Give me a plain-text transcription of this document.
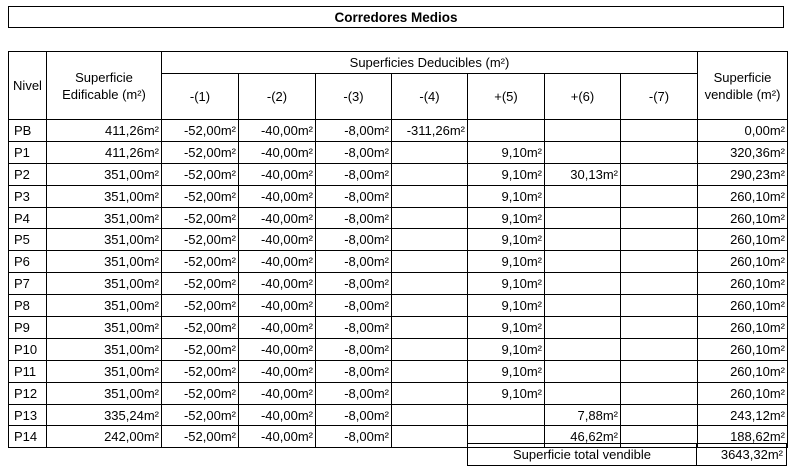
Corredores Medios
Nivel	Superficie Edificable (m²)	Superficies Deducibles (m²)							Superficie vendible (m²)
		-(1)	-(2)	-(3)	-(4)	+(5)	+(6)	-(7)	
PB	411,26m²	-52,00m²	-40,00m²	-8,00m²	-311,26m²				0,00m²
P1	411,26m²	-52,00m²	-40,00m²	-8,00m²		9,10m²			320,36m²
P2	351,00m²	-52,00m²	-40,00m²	-8,00m²		9,10m²	30,13m²		290,23m²
P3	351,00m²	-52,00m²	-40,00m²	-8,00m²		9,10m²			260,10m²
P4	351,00m²	-52,00m²	-40,00m²	-8,00m²		9,10m²			260,10m²
P5	351,00m²	-52,00m²	-40,00m²	-8,00m²		9,10m²			260,10m²
P6	351,00m²	-52,00m²	-40,00m²	-8,00m²		9,10m²			260,10m²
P7	351,00m²	-52,00m²	-40,00m²	-8,00m²		9,10m²			260,10m²
P8	351,00m²	-52,00m²	-40,00m²	-8,00m²		9,10m²			260,10m²
P9	351,00m²	-52,00m²	-40,00m²	-8,00m²		9,10m²			260,10m²
P10	351,00m²	-52,00m²	-40,00m²	-8,00m²		9,10m²			260,10m²
P11	351,00m²	-52,00m²	-40,00m²	-8,00m²		9,10m²			260,10m²
P12	351,00m²	-52,00m²	-40,00m²	-8,00m²		9,10m²			260,10m²
P13	335,24m²	-52,00m²	-40,00m²	-8,00m²			7,88m²		243,12m²
P14	242,00m²	-52,00m²	-40,00m²	-8,00m²			46,62m²		188,62m²
Superficie total vendible	3643,32m²
